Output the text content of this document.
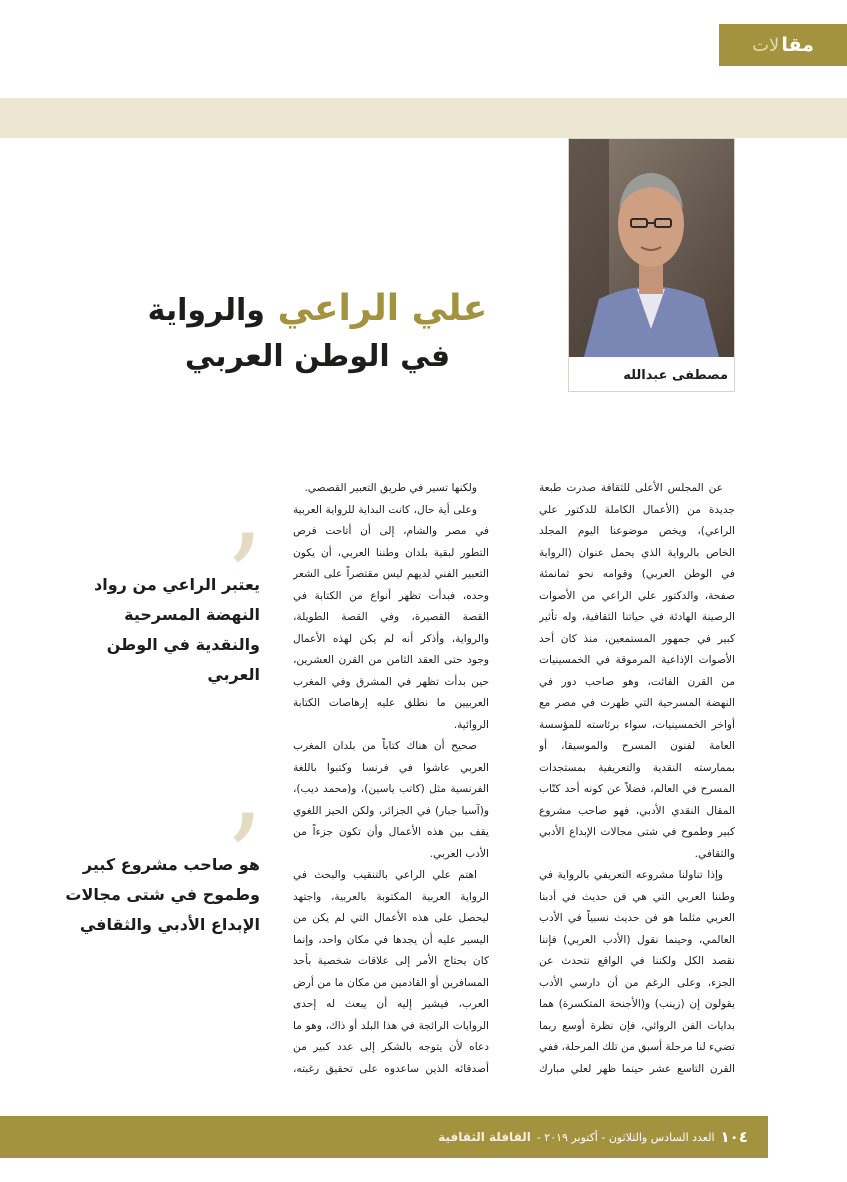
مقا
لات
مصطفى عبدالله
علي الراعي والرواية
في الوطن العربي

عن المجلس الأعلى للثقافة صدرت طبعة جديدة من (الأعمال الكاملة للدكتور علي الراعي)، ويخص موضوعنا اليوم المجلد الخاص بالرواية الذي يحمل عنوان (الرواية في الوطن العربي) وقوامه نحو ثمانمئة صفحة، والدكتور علي الراعي من الأصوات الرصينة الهادئة في حياتنا الثقافية، وله تأثير كبير في جمهور المستمعين، منذ كان أحد الأصوات الإذاعية المرموقة في الخمسينيات من القرن الفائت، وهو صاحب دور في النهضة المسرحية التي ظهرت في مصر مع أواخر الخمسينيات، سواء برئاسته للمؤسسة العامة لفنون المسرح والموسيقا، أو بممارسته النقدية والتعريفية بمستجدات المسرح في العالم، فضلاً عن كونه أحد كتّاب المقال النقدي الأدبي، فهو صاحب مشروع كبير وطموح في شتى مجالات الإبداع الأدبي والثقافي.

وإذا تناولنا مشروعه التعريفي بالرواية في وطننا العربي التي هي فن حديث في أدبنا العربي مثلما هو فن حديث نسبياً في الأدب العالمي، وحينما نقول (الأدب العربي) فإننا نقصد الكل ولكننا في الواقع نتحدث عن الجزء، وعلى الرغم من أن دارسي الأدب يقولون إن (زينب) و(الأجنحة المتكسرة) هما بدايات الفن الروائي، فإن نظرة أوسع ربما تضيء لنا مرحلة أسبق من تلك المرحلة، ففي القرن التاسع عشر حينما ظهر لعلي مبارك

ولكنها تسير في طريق التعبير القصصي.

وعلى أية حال، كانت البداية للرواية العربية في مصر والشام، إلى أن أتاحت فرص التطور لبقية بلدان وطننا العربي، أن يكون التعبير الفني لديهم ليس مقتصراً على الشعر وحده، فبدأت تظهر أنواع من الكتابة في القصة القصيرة، وفي القصة الطويلة، والرواية، وأذكر أنه لم يكن لهذه الأعمال وجود حتى العقد الثامن من القرن العشرين، حين بدأت تظهر في المشرق وفي المغرب العربيين ما نطلق عليه إرهاصات الكتابة الروائية.

صحيح أن هناك كتاباً من بلدان المغرب العربي عاشوا في فرنسا وكتبوا باللغة الفرنسية مثل (كاتب ياسين)، و(محمد ديب)، و(آسيا جبار) في الجزائر، ولكن الحيز اللغوي يقف بين هذه الأعمال وأن تكون جزءاً من الأدب العربي.

اهتم علي الراعي بالتنقيب والبحث في الرواية العربية المكتوبة بالعربية، واجتهد ليحصل على هذه الأعمال التي لم يكن من اليسير عليه أن يجدها في مكان واحد، وإنما كان يحتاج الأمر إلى علاقات شخصية بأحد المسافرين أو القادمين من مكان ما من أرض العرب، فيشير إليه أن يبعث له إحدى الروايات الرائجة في هذا البلد أو ذاك، وهو ما دعاه لأن يتوجه بالشكر إلى عدد كبير من أصدقائه الذين ساعدوه على تحقيق رغبته،

’
يعتبر الراعي من رواد النهضة المسرحية والنقدية في الوطن العربي
’
هو صاحب مشروع كبير وطموح في شتى مجالات الإبداع الأدبي والثقافي
١٠٤
العدد السادس والثلاثون - أكتوبر ٢٠١٩ -
القافلة الثقافية
